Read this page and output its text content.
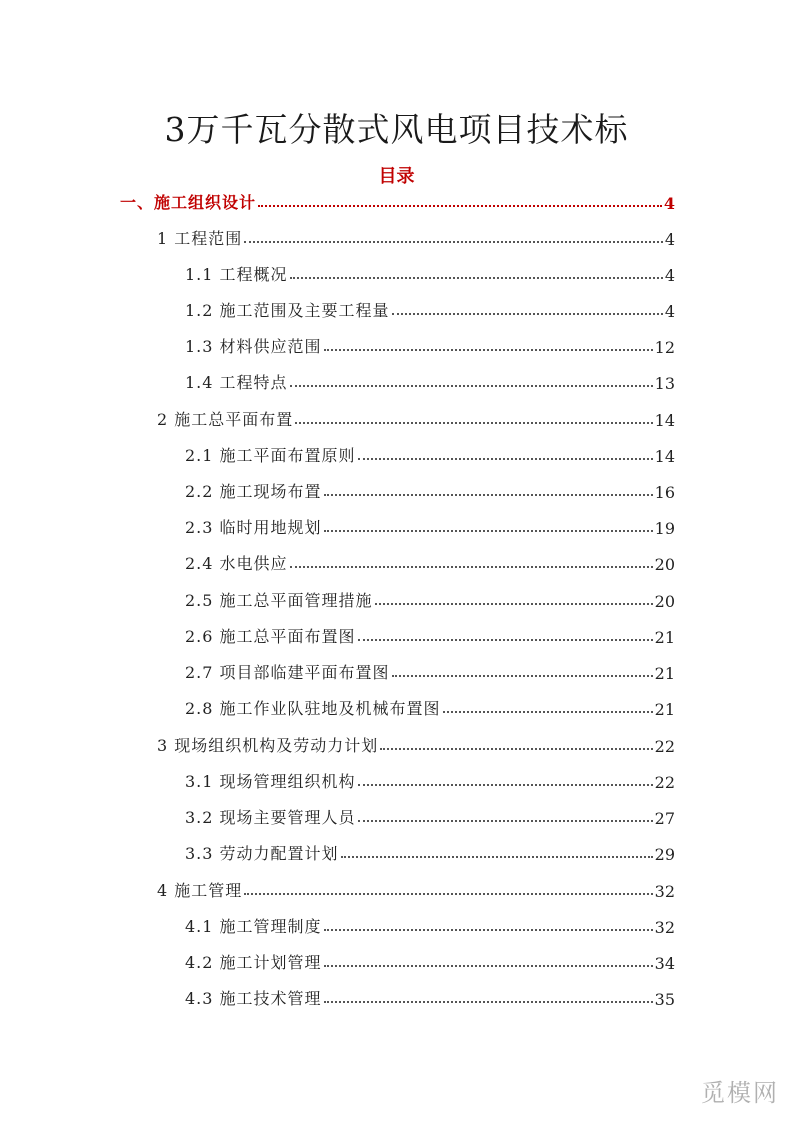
3万千瓦分散式风电项目技术标
目录
一、施工组织设计	4
1 工程范围	4
1.1 工程概况	4
1.2 施工范围及主要工程量	4
1.3 材料供应范围	12
1.4 工程特点	13
2 施工总平面布置	14
2.1 施工平面布置原则	14
2.2 施工现场布置	16
2.3 临时用地规划	19
2.4 水电供应	20
2.5 施工总平面管理措施	20
2.6 施工总平面布置图	21
2.7 项目部临建平面布置图	21
2.8 施工作业队驻地及机械布置图	21
3 现场组织机构及劳动力计划	22
3.1 现场管理组织机构	22
3.2 现场主要管理人员	27
3.3 劳动力配置计划	29
4 施工管理	32
4.1 施工管理制度	32
4.2 施工计划管理	34
4.3 施工技术管理	35
觅模网
